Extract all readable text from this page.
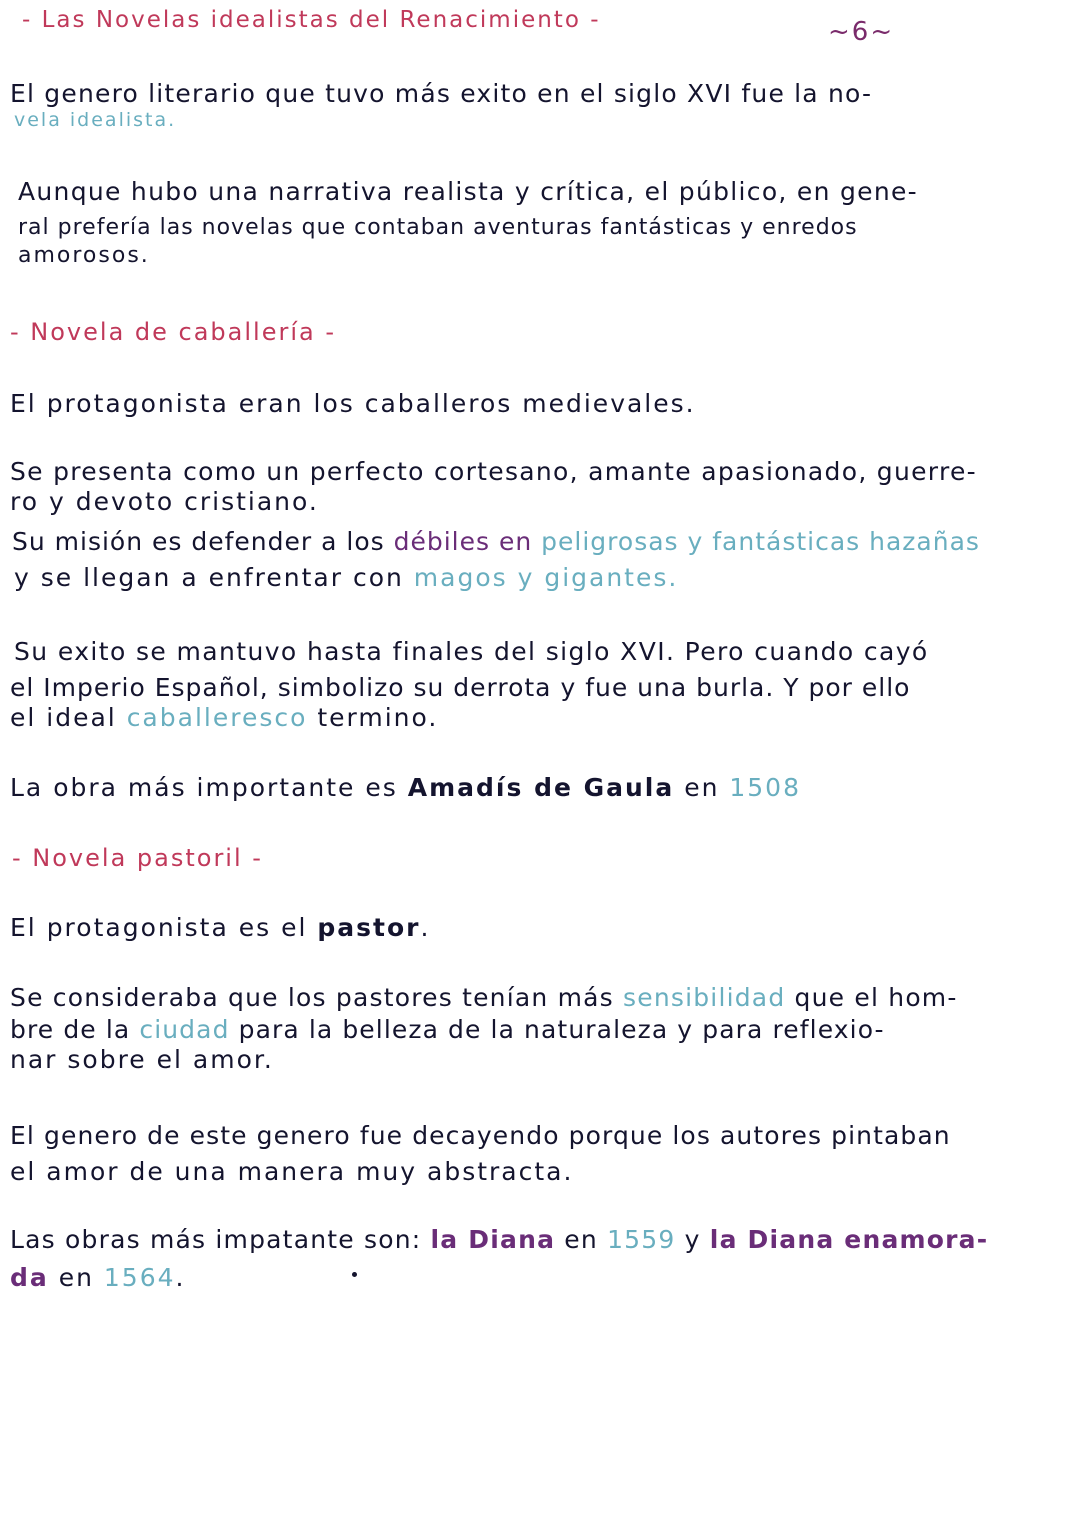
- Las Novelas idealistas del Renacimiento -	~6~
El genero literario que tuvo más exito en el siglo XVI fue la no-
vela idealista.
Aunque hubo una narrativa realista y crítica, el público, en gene-
ral prefería las novelas que contaban aventuras fantásticas y enredos
amorosos.
- Novela de caballería -
El protagonista eran los caballeros medievales.
Se presenta como un perfecto cortesano, amante apasionado, guerre-
ro y devoto cristiano.
Su misión es defender a los débiles en peligrosas y fantásticas hazañas
y se llegan a enfrentar con magos y gigantes.
Su exito se mantuvo hasta finales del siglo XVI. Pero cuando cayó
el Imperio Español, simbolizo su derrota y fue una burla. Y por ello
el ideal caballeresco termino.
La obra más importante es Amadís de Gaula en 1508
- Novela pastoril -
El protagonista es el pastor.
Se consideraba que los pastores tenían más sensibilidad que el hom-
bre de la ciudad para la belleza de la naturaleza y para reflexio-
nar sobre el amor.
El genero de este genero fue decayendo porque los autores pintaban
el amor de una manera muy abstracta.
Las obras más impatante son: la Diana en 1559 y la Diana enamora-
da en 1564.
